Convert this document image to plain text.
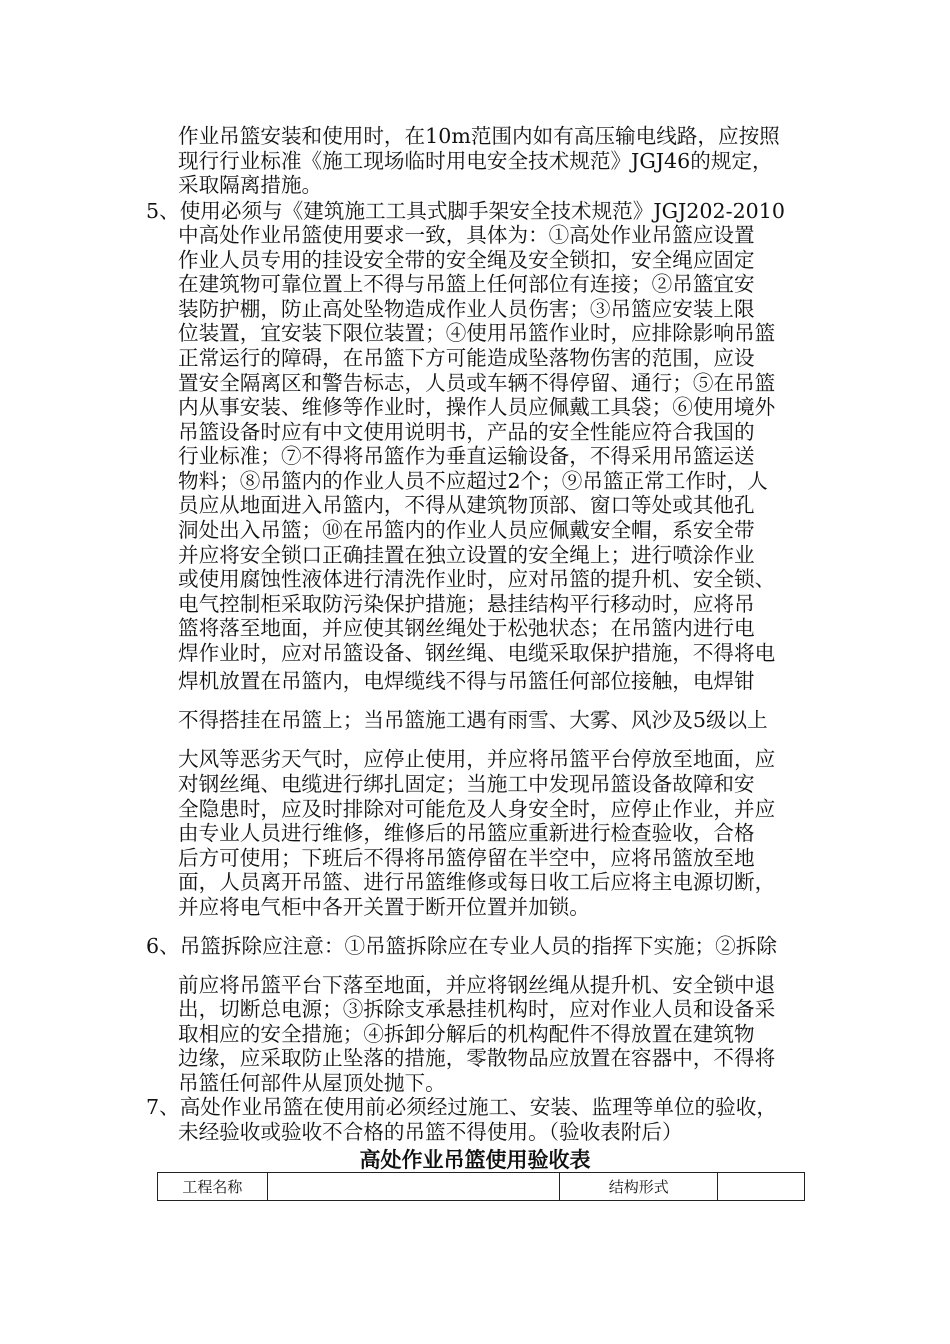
作业吊篮安装和使用时，在10m范围内如有高压输电线路，应按照
现行行业标准《施工现场临时用电安全技术规范》JGJ46的规定，
采取隔离措施。
5、使用必须与《建筑施工工具式脚手架安全技术规范》JGJ202-2010
中高处作业吊篮使用要求一致，具体为：①高处作业吊篮应设置
作业人员专用的挂设安全带的安全绳及安全锁扣，安全绳应固定
在建筑物可靠位置上不得与吊篮上任何部位有连接；②吊篮宜安
装防护棚，防止高处坠物造成作业人员伤害；③吊篮应安装上限
位装置，宜安装下限位装置；④使用吊篮作业时，应排除影响吊篮
正常运行的障碍，在吊篮下方可能造成坠落物伤害的范围，应设
置安全隔离区和警告标志，人员或车辆不得停留、通行；⑤在吊篮
内从事安装、维修等作业时，操作人员应佩戴工具袋；⑥使用境外
吊篮设备时应有中文使用说明书，产品的安全性能应符合我国的
行业标准；⑦不得将吊篮作为垂直运输设备，不得采用吊篮运送
物料；⑧吊篮内的作业人员不应超过2个；⑨吊篮正常工作时，人
员应从地面进入吊篮内，不得从建筑物顶部、窗口等处或其他孔
洞处出入吊篮；⑩在吊篮内的作业人员应佩戴安全帽，系安全带
并应将安全锁口正确挂置在独立设置的安全绳上；进行喷涂作业
或使用腐蚀性液体进行清洗作业时，应对吊篮的提升机、安全锁、
电气控制柜采取防污染保护措施；悬挂结构平行移动时，应将吊
篮将落至地面，并应使其钢丝绳处于松弛状态；在吊篮内进行电
焊作业时，应对吊篮设备、钢丝绳、电缆采取保护措施，不得将电
焊机放置在吊篮内，电焊缆线不得与吊篮任何部位接触，电焊钳
不得搭挂在吊篮上；当吊篮施工遇有雨雪、大雾、风沙及5级以上
大风等恶劣天气时，应停止使用，并应将吊篮平台停放至地面，应
对钢丝绳、电缆进行绑扎固定；当施工中发现吊篮设备故障和安
全隐患时，应及时排除对可能危及人身安全时，应停止作业，并应
由专业人员进行维修，维修后的吊篮应重新进行检查验收，合格
后方可使用；下班后不得将吊篮停留在半空中，应将吊篮放至地
面，人员离开吊篮、进行吊篮维修或每日收工后应将主电源切断，
并应将电气柜中各开关置于断开位置并加锁。
6、吊篮拆除应注意：①吊篮拆除应在专业人员的指挥下实施；②拆除
前应将吊篮平台下落至地面，并应将钢丝绳从提升机、安全锁中退
出，切断总电源；③拆除支承悬挂机构时，应对作业人员和设备采
取相应的安全措施；④拆卸分解后的机构配件不得放置在建筑物
边缘，应采取防止坠落的措施，零散物品应放置在容器中，不得将
吊篮任何部件从屋顶处抛下。
7、高处作业吊篮在使用前必须经过施工、安装、监理等单位的验收，
未经验收或验收不合格的吊篮不得使用。（验收表附后）
高处作业吊篮使用验收表
工程名称		结构形式	
